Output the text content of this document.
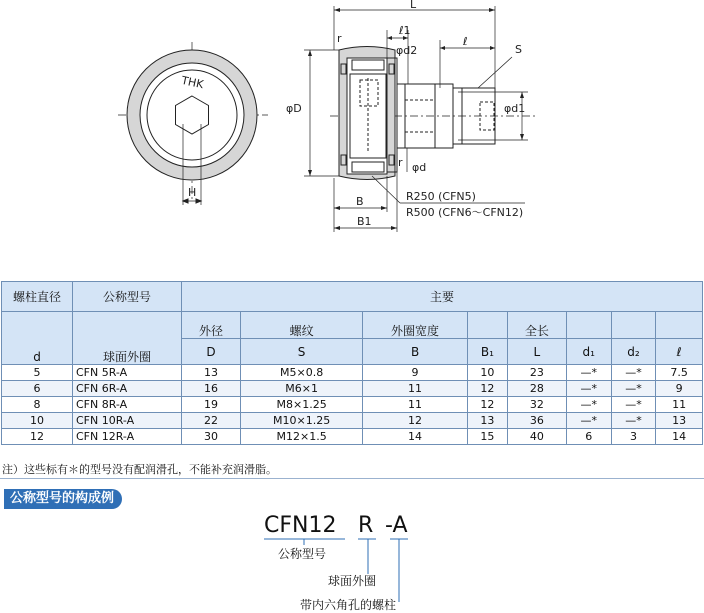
THK
H
L
ℓ1
ℓ
r
φd2	S
φD	φd1
r φd
R250 (CFN5)
R500 (CFN6～CFN12)
B
B1
螺柱直径	公称型号	主要							
d	球面外圈	外径	螺纹	外圈宽度		全长			
		D	S	B	B₁	L	d₁	d₂	ℓ
5	CFN 5R-A	13	M5×0.8	9	10	23	—*	—*	7.5
6	CFN 6R-A	16	M6×1	11	12	28	—*	—*	9
8	CFN 8R-A	19	M8×1.25	11	12	32	—*	—*	11
10	CFN 10R-A	22	M10×1.25	12	13	36	—*	—*	13
12	CFN 12R-A	30	M12×1.5	14	15	40	6	3	14
注）这些标有＊的型号没有配润滑孔，不能补充润滑脂。
公称型号的构成例
CFN12 R -A
公称型号
球面外圈
带内六角孔的螺柱
